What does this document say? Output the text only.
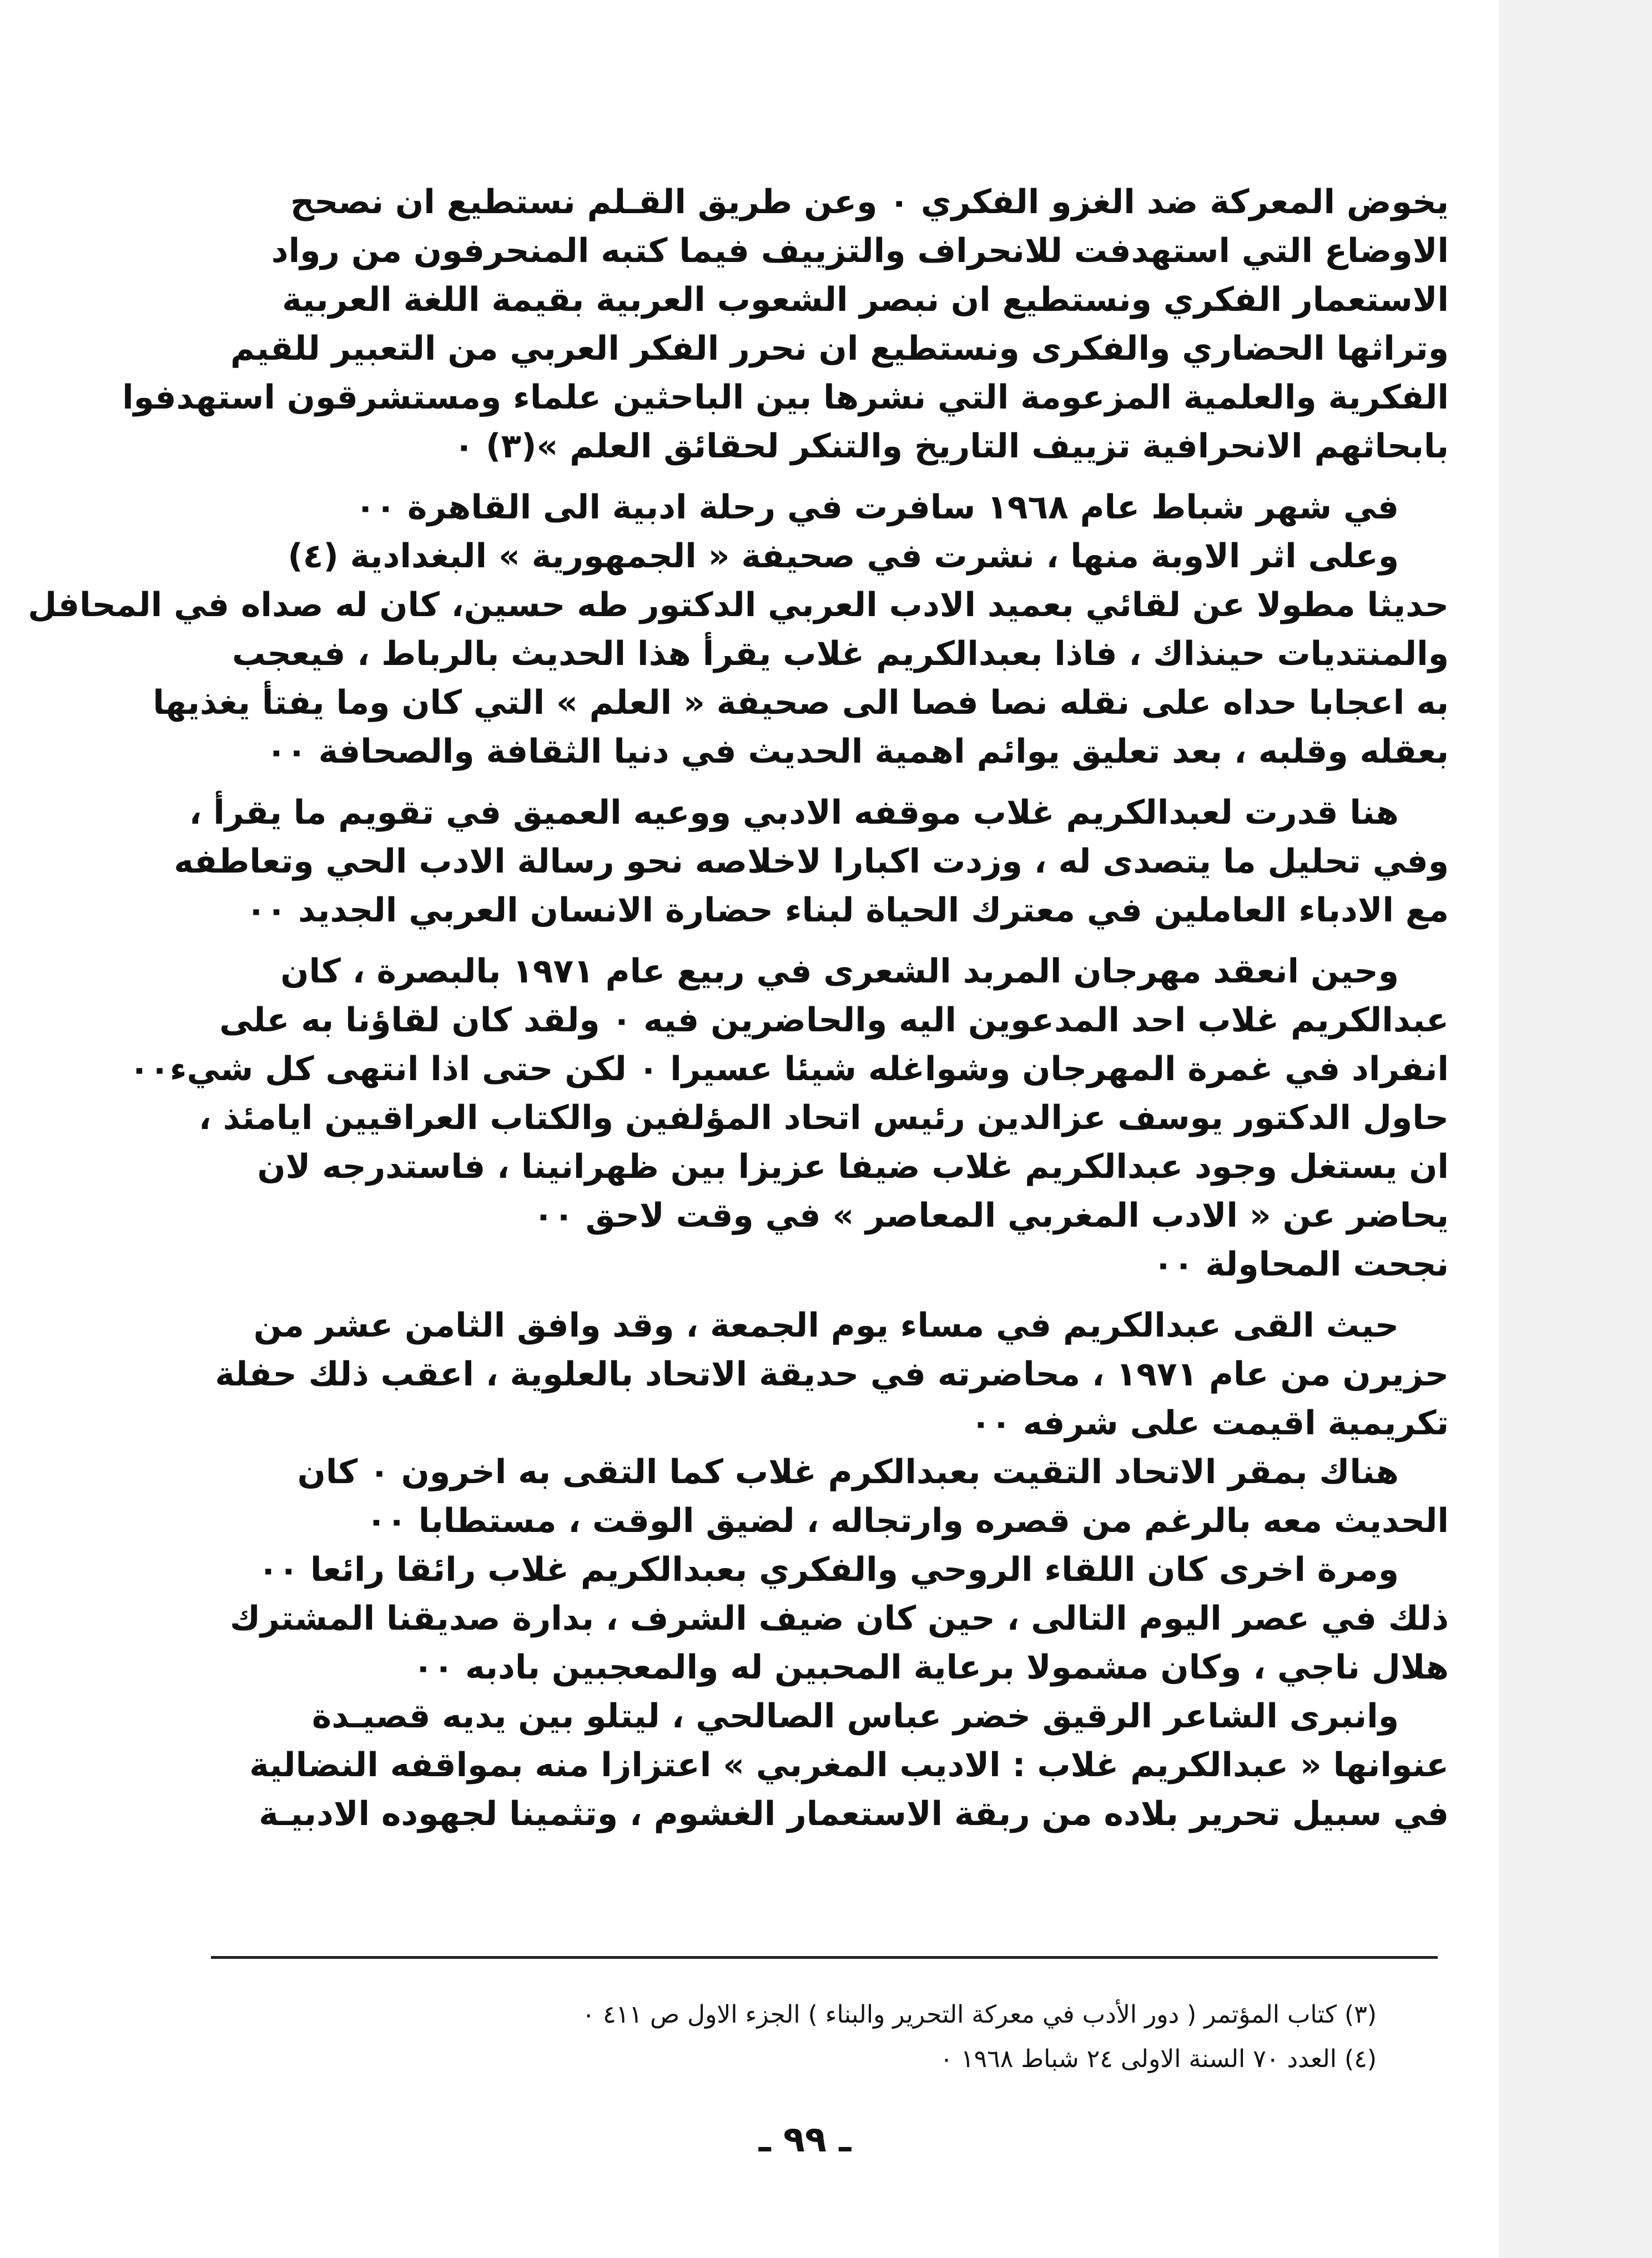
يخوض المعركة ضد الغزو الفكري ٠ وعن طريق القـلم نستطيع ان نصحح
الاوضاع التي استهدفت للانحراف والتزييف فيما كتبه المنحرفون من رواد
الاستعمار الفكري ونستطيع ان نبصر الشعوب العربية بقيمة اللغة العربية
وتراثها الحضاري والفكرى ونستطيع ان نحرر الفكر العربي من التعبير للقيم
الفكرية والعلمية المزعومة التي نشرها بين الباحثين علماء ومستشرقون استهدفوا
بابحاثهم الانحرافية تزييف التاريخ والتنكر لحقائق العلم »(٣) ٠
في شهر شباط عام ١٩٦٨ سافرت في رحلة ادبية الى القاهرة ٠٠
وعلى اثر الاوبة منها ، نشرت في صحيفة « الجمهورية » البغدادية (٤)
حديثا مطولا عن لقائي بعميد الادب العربي الدكتور طه حسين، كان له صداه في المحافل
والمنتديات حينذاك ، فاذا بعبدالكريم غلاب يقرأ هذا الحديث بالرباط ، فيعجب
به اعجابا حداه على نقله نصا فصا الى صحيفة « العلم » التي كان وما يفتأ يغذيها
بعقله وقلبه ، بعد تعليق يوائم اهمية الحديث في دنيا الثقافة والصحافة ٠٠
هنا قدرت لعبدالكريم غلاب موقفه الادبي ووعيه العميق في تقويم ما يقرأ ،
وفي تحليل ما يتصدى له ، وزدت اكبارا لاخلاصه نحو رسالة الادب الحي وتعاطفه
مع الادباء العاملين في معترك الحياة لبناء حضارة الانسان العربي الجديد ٠٠
وحين انعقد مهرجان المربد الشعرى في ربيع عام ١٩٧١ بالبصرة ، كان
عبدالكريم غلاب احد المدعوين اليه والحاضرين فيه ٠ ولقد كان لقاؤنا به على
انفراد في غمرة المهرجان وشواغله شيئا عسيرا ٠ لكن حتى اذا انتهى كل شيء٠٠
حاول الدكتور يوسف عزالدين رئيس اتحاد المؤلفين والكتاب العراقيين ايامئذ ،
ان يستغل وجود عبدالكريم غلاب ضيفا عزيزا بين ظهرانينا ، فاستدرجه لان
يحاضر عن « الادب المغربي المعاصر » في وقت لاحق ٠٠
نجحت المحاولة ٠٠
حيث القى عبدالكريم في مساء يوم الجمعة ، وقد وافق الثامن عشر من
حزيرن من عام ١٩٧١ ، محاضرته في حديقة الاتحاد بالعلوية ، اعقب ذلك حفلة
تكريمية اقيمت على شرفه ٠٠
هناك بمقر الاتحاد التقيت بعبدالكرم غلاب كما التقى به اخرون ٠ كان
الحديث معه بالرغم من قصره وارتجاله ، لضيق الوقت ، مستطابا ٠٠
ومرة اخرى كان اللقاء الروحي والفكري بعبدالكريم غلاب رائقا رائعا ٠٠
ذلك في عصر اليوم التالى ، حين كان ضيف الشرف ، بدارة صديقنا المشترك
هلال ناجي ، وكان مشمولا برعاية المحبين له والمعجبين بادبه ٠٠
وانبرى الشاعر الرقيق خضر عباس الصالحي ، ليتلو بين يديه قصيـدة
عنوانها « عبدالكريم غلاب : الاديب المغربي » اعتزازا منه بمواقفه النضالية
في سبيل تحرير بلاده من ربقة الاستعمار الغشوم ، وتثمينا لجهوده الادبيـة
(٣) كتاب المؤتمر ( دور الأدب في معركة التحرير والبناء ) الجزء الاول ص ٤١١ ٠
(٤) العدد ٧٠ السنة الاولى ٢٤ شباط ١٩٦٨ ٠
ـ ٩٩ ـ
